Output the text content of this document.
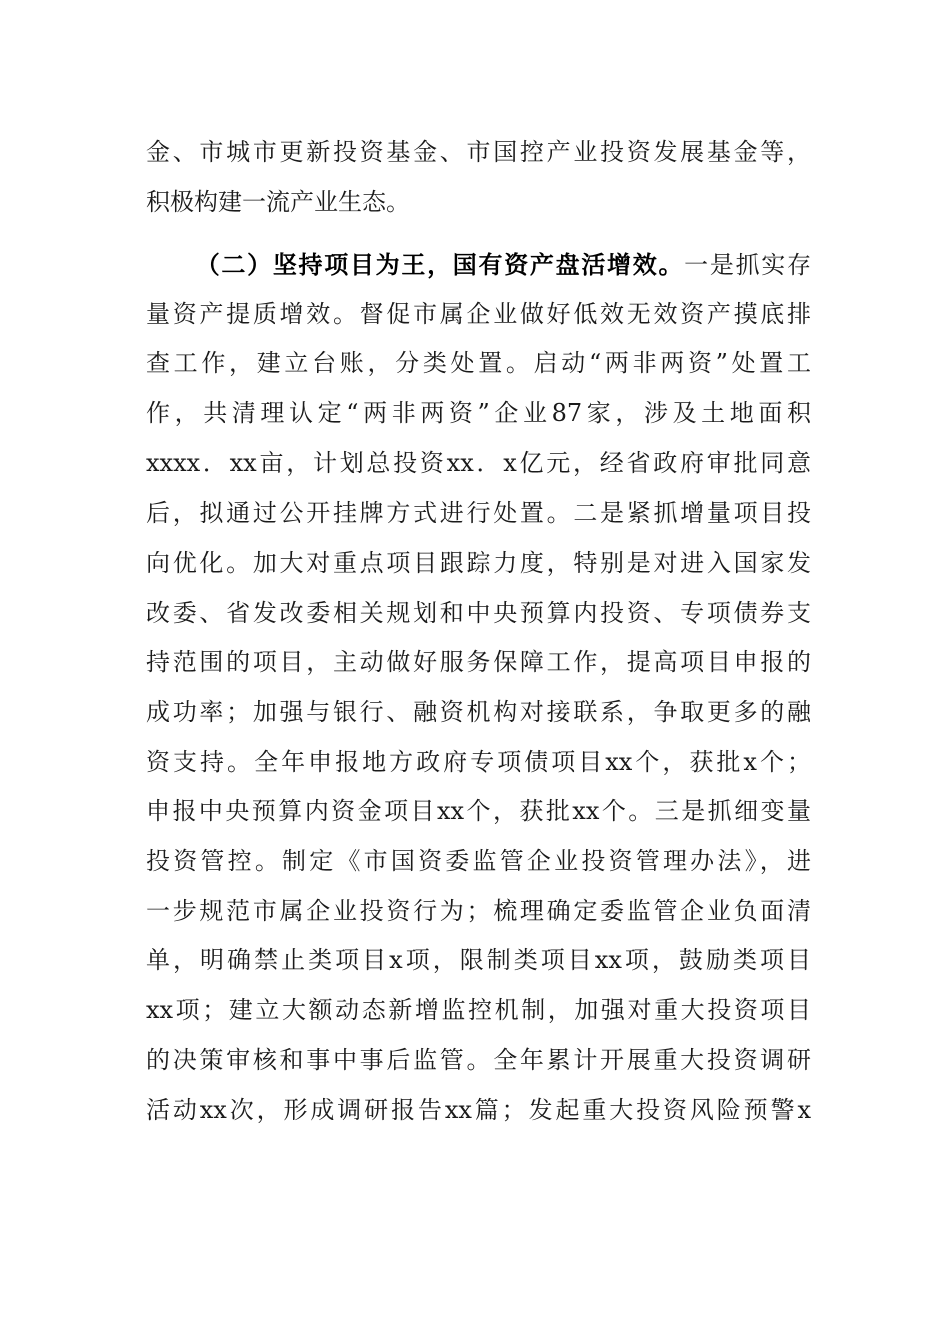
金、市城市更新投资基金、市国控产业投资发展基金等，
积极构建一流产业生态。
（二）坚持项目为王，国有资产盘活增效。一是抓实存
量资产提质增效。督促市属企业做好低效无效资产摸底排
查工作，建立台账，分类处置。启动“两非两资”处置工
作，共清理认定“两非两资”企业87家，涉及土地面积
xxxx．xx亩，计划总投资xx．x亿元，经省政府审批同意
后，拟通过公开挂牌方式进行处置。二是紧抓增量项目投
向优化。加大对重点项目跟踪力度，特别是对进入国家发
改委、省发改委相关规划和中央预算内投资、专项债券支
持范围的项目，主动做好服务保障工作，提高项目申报的
成功率；加强与银行、融资机构对接联系，争取更多的融
资支持。全年申报地方政府专项债项目xx个，获批x个；
申报中央预算内资金项目xx个，获批xx个。三是抓细变量
投资管控。制定《市国资委监管企业投资管理办法》，进
一步规范市属企业投资行为；梳理确定委监管企业负面清
单，明确禁止类项目x项，限制类项目xx项，鼓励类项目
xx项；建立大额动态新增监控机制，加强对重大投资项目
的决策审核和事中事后监管。全年累计开展重大投资调研
活动xx次，形成调研报告xx篇；发起重大投资风险预警x
